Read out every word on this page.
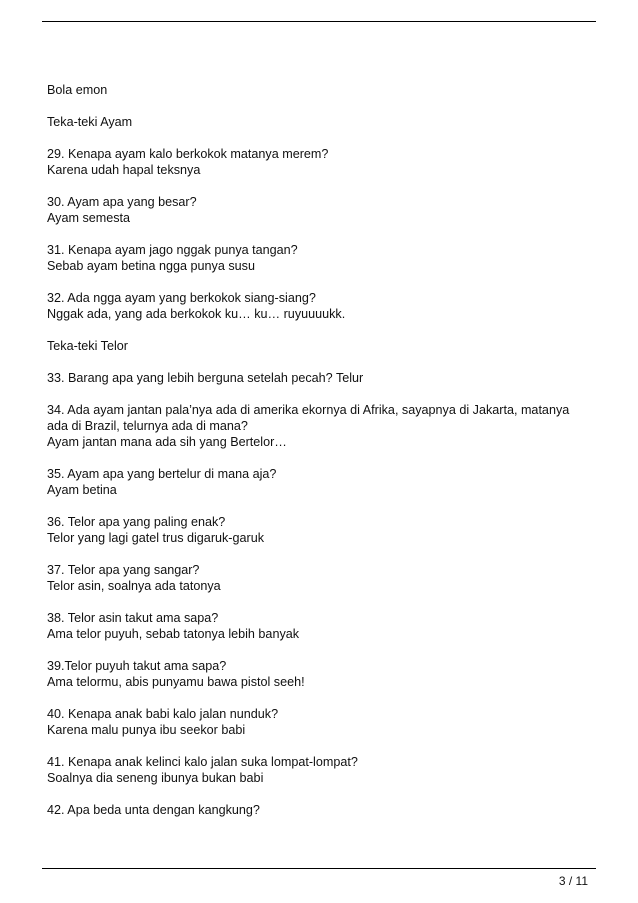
Bola emon
Teka-teki Ayam
29. Kenapa ayam kalo berkokok matanya merem?
Karena udah hapal teksnya
30. Ayam apa yang besar?
Ayam semesta
31. Kenapa ayam jago nggak punya tangan?
Sebab ayam betina ngga punya susu
32. Ada ngga ayam yang berkokok siang-siang?
Nggak ada, yang ada berkokok ku… ku… ruyuuuukk.
Teka-teki Telor
33. Barang apa yang lebih berguna setelah pecah? Telur
34. Ada ayam jantan pala’nya ada di amerika ekornya di Afrika, sayapnya di Jakarta, matanya
ada di Brazil, telurnya ada di mana?
Ayam jantan mana ada sih yang Bertelor…
35. Ayam apa yang bertelur di mana aja?
Ayam betina
36. Telor apa yang paling enak?
Telor yang lagi gatel trus digaruk-garuk
37. Telor apa yang sangar?
Telor asin, soalnya ada tatonya
38. Telor asin takut ama sapa?
Ama telor puyuh, sebab tatonya lebih banyak
39.Telor puyuh takut ama sapa?
Ama telormu, abis punyamu bawa pistol seeh!
40. Kenapa anak babi kalo jalan nunduk?
Karena malu punya ibu seekor babi
41. Kenapa anak kelinci kalo jalan suka lompat-lompat?
Soalnya dia seneng ibunya bukan babi
42. Apa beda unta dengan kangkung?
3 / 11
